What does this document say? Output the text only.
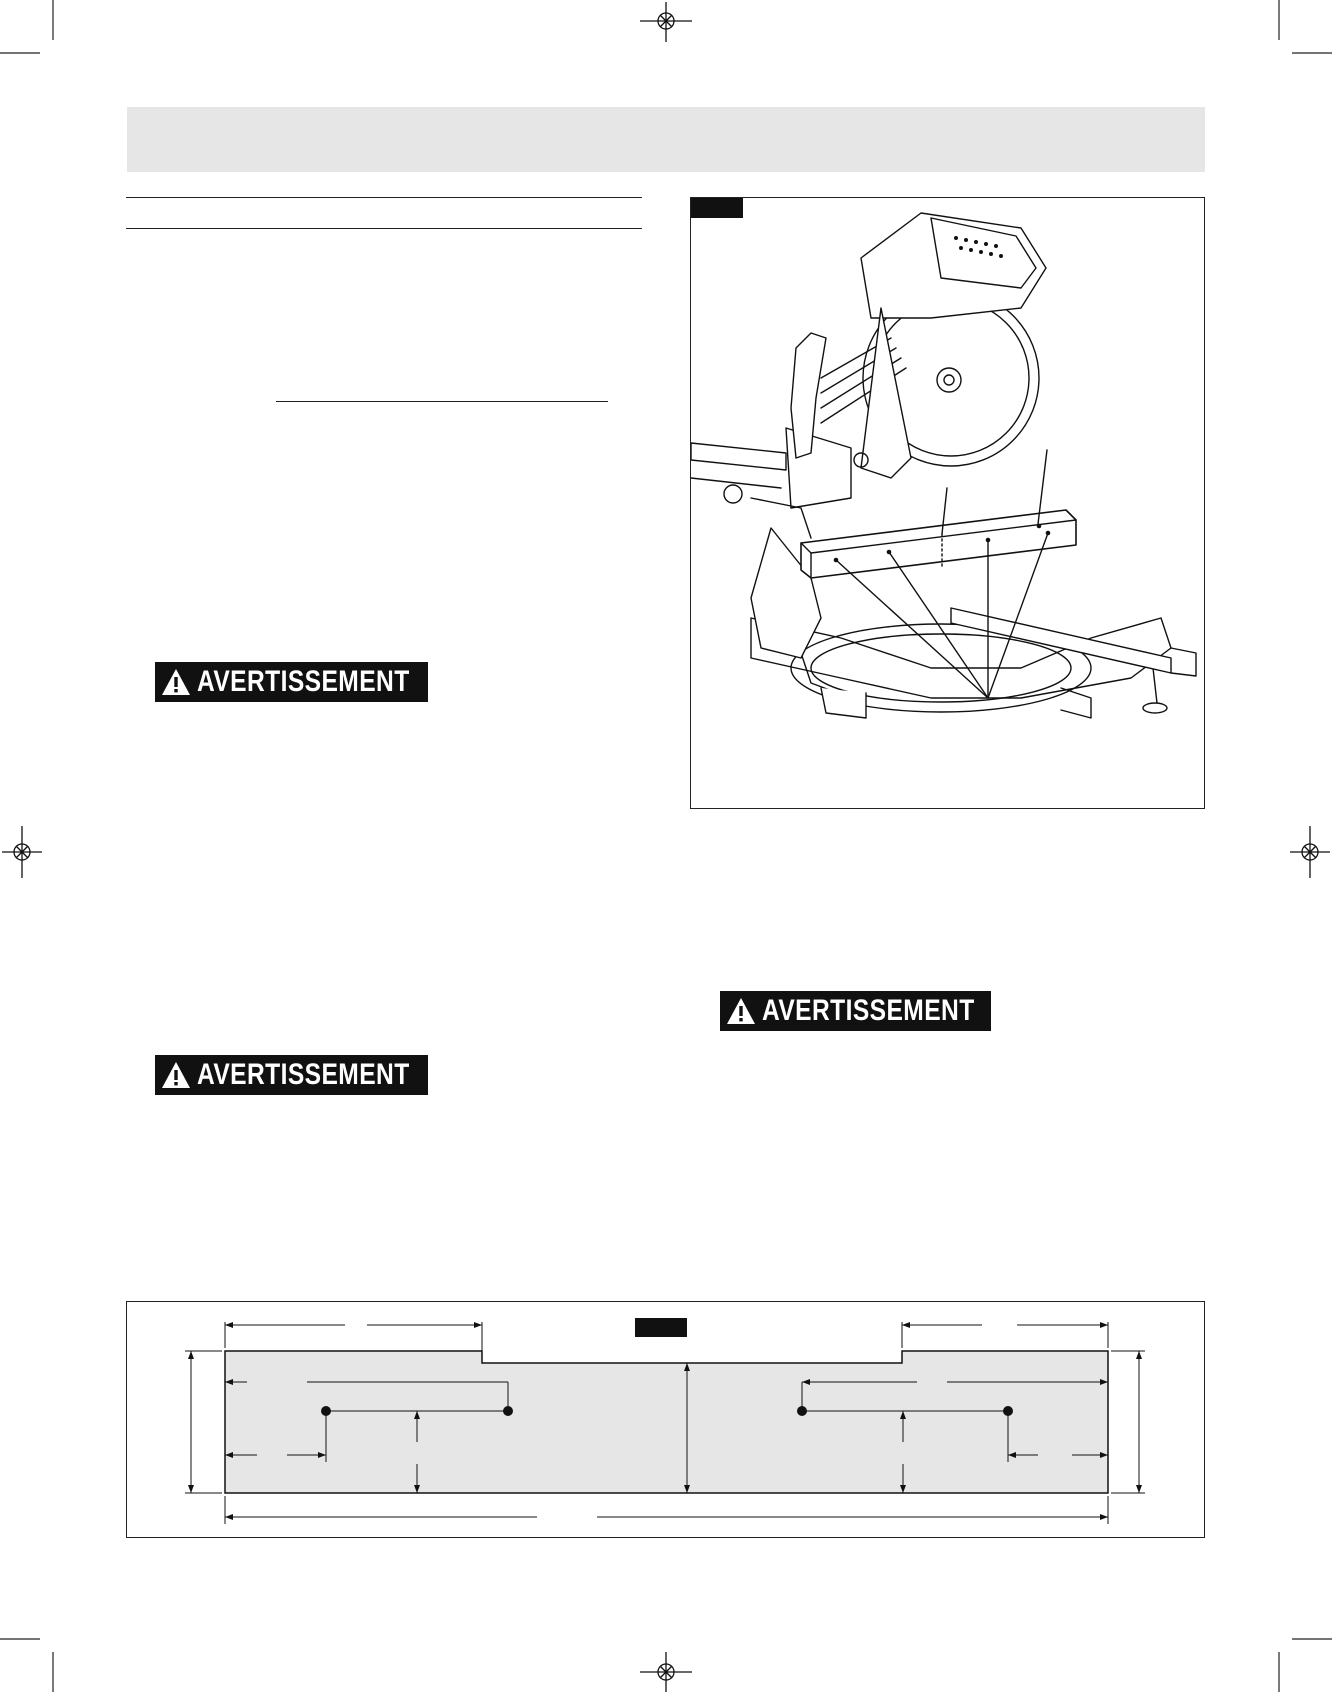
AVERTISSEMENT
AVERTISSEMENT
AVERTISSEMENT
